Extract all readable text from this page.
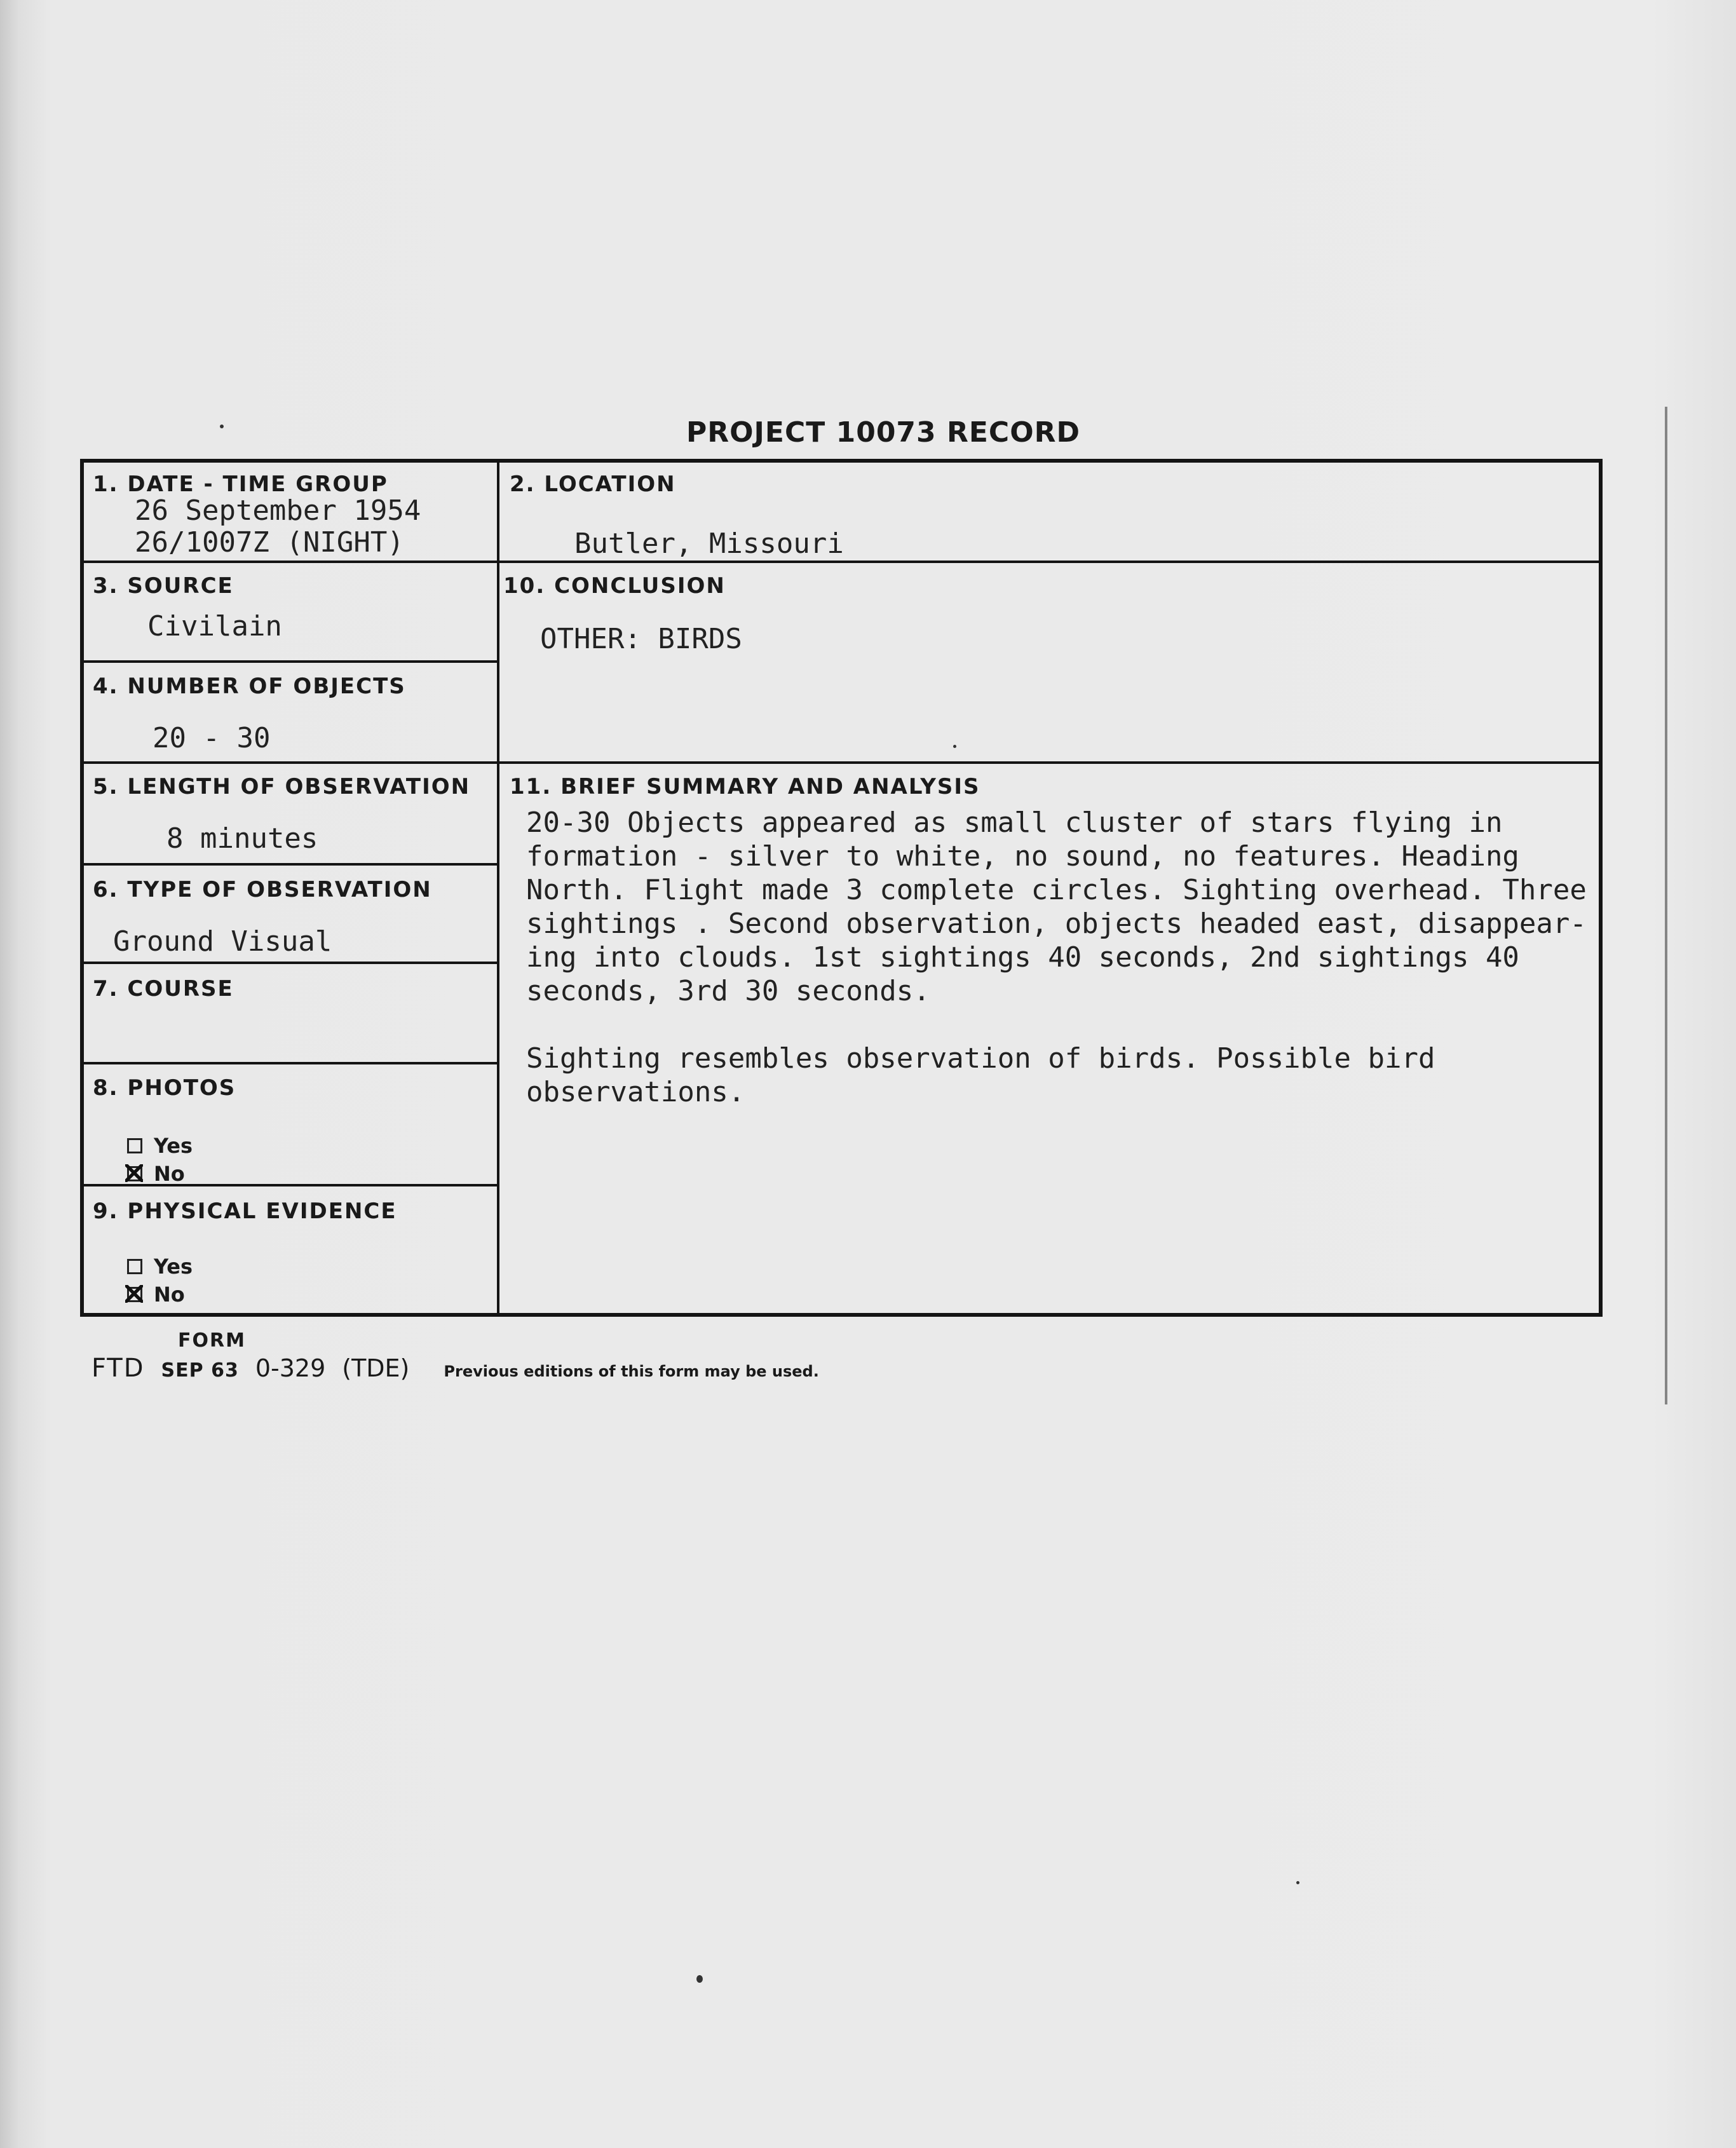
PROJECT 10073 RECORD
1. DATE - TIME GROUP
26 September 1954
26/1007Z (NIGHT)
2. LOCATION
Butler, Missouri
3. SOURCE
Civilain
10. CONCLUSION
OTHER: BIRDS
4. NUMBER OF OBJECTS
20 - 30
5. LENGTH OF OBSERVATION
8 minutes
11. BRIEF SUMMARY AND ANALYSIS

20-30 Objects appeared as small cluster of stars flying in

formation - silver to white, no sound, no features. Heading

North. Flight made 3 complete circles. Sighting overhead. Three

sightings . Second observation, objects headed east, disappear-

ing into clouds. 1st sightings 40 seconds, 2nd sightings 40

seconds, 3rd 30 seconds.

Sighting resembles observation of birds. Possible bird

observations.

6. TYPE OF OBSERVATION
Ground Visual
7. COURSE
8. PHOTOS
Yes
No
9. PHYSICAL EVIDENCE
Yes
No
FORM
FTD SEP 63 0-329 (TDE) Previous editions of this form may be used.
